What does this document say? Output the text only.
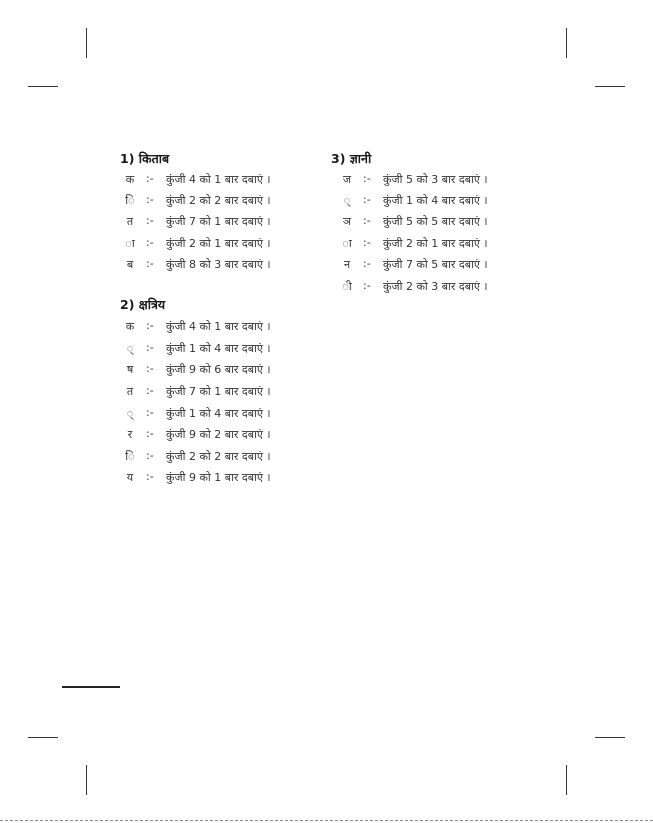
1) किताब
क	:- कुंजी 4 को 1 बार दबाएं ।
ि	:- कुंजी 2 को 2 बार दबाएं ।
त	:- कुंजी 7 को 1 बार दबाएं ।
ा	:- कुंजी 2 को 1 बार दबाएं ।
ब	:- कुंजी 8 को 3 बार दबाएं ।
2) क्षत्रिय
क	:- कुंजी 4 को 1 बार दबाएं ।
्	:- कुंजी 1 को 4 बार दबाएं ।
ष	:- कुंजी 9 को 6 बार दबाएं ।
त	:- कुंजी 7 को 1 बार दबाएं ।
्	:- कुंजी 1 को 4 बार दबाएं ।
र	:- कुंजी 9 को 2 बार दबाएं ।
ि	:- कुंजी 2 को 2 बार दबाएं ।
य	:- कुंजी 9 को 1 बार दबाएं ।
3) ज्ञानी
ज	:- कुंजी 5 को 3 बार दबाएं ।
्	:- कुंजी 1 को 4 बार दबाएं ।
ञ	:- कुंजी 5 को 5 बार दबाएं ।
ा	:- कुंजी 2 को 1 बार दबाएं ।
न	:- कुंजी 7 को 5 बार दबाएं ।
ी	:- कुंजी 2 को 3 बार दबाएं ।
